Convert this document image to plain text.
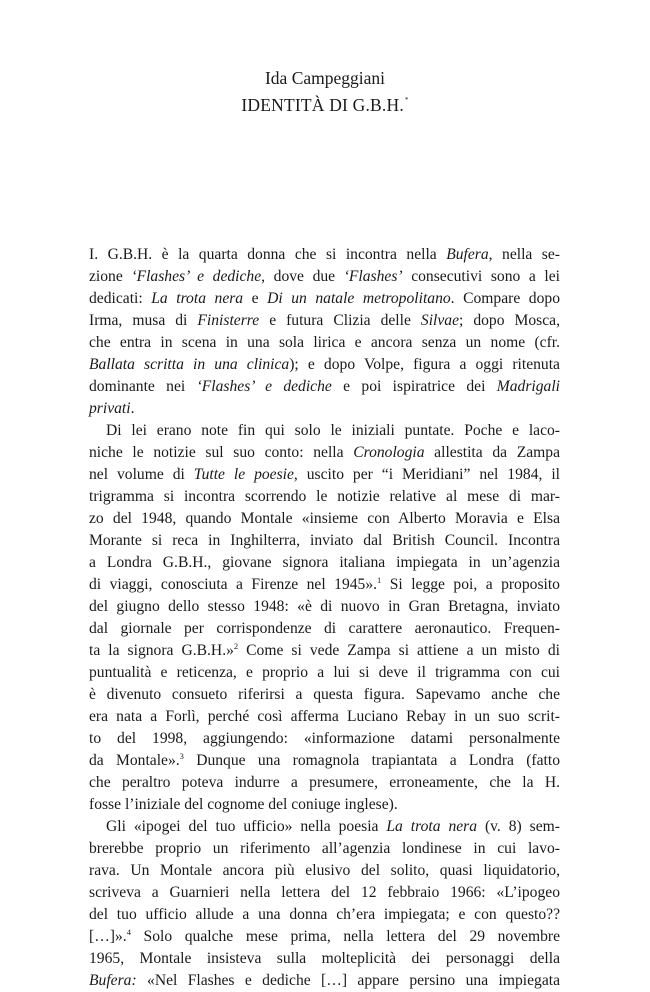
Ida Campeggiani
IDENTITÀ DI G.B.H.*
I. G.B.H. è la quarta donna che si incontra nella Bufera, nella se-
zione ‘Flashes’ e dediche, dove due ‘Flashes’ consecutivi sono a lei
dedicati: La trota nera e Di un natale metropolitano. Compare dopo
Irma, musa di Finisterre e futura Clizia delle Silvae; dopo Mosca,
che entra in scena in una sola lirica e ancora senza un nome (cfr.
Ballata scritta in una clinica); e dopo Volpe, figura a oggi ritenuta
dominante nei ‘Flashes’ e dediche e poi ispiratrice dei Madrigali
privati.
Di lei erano note fin qui solo le iniziali puntate. Poche e laco-
niche le notizie sul suo conto: nella Cronologia allestita da Zampa
nel volume di Tutte le poesie, uscito per “i Meridiani” nel 1984, il
trigramma si incontra scorrendo le notizie relative al mese di mar-
zo del 1948, quando Montale «insieme con Alberto Moravia e Elsa
Morante si reca in Inghilterra, inviato dal British Council. Incontra
a Londra G.B.H., giovane signora italiana impiegata in un’agenzia
di viaggi, conosciuta a Firenze nel 1945».$^1$ Si legge poi, a proposito
del giugno dello stesso 1948: «è di nuovo in Gran Bretagna, inviato
dal giornale per corrispondenze di carattere aeronautico. Frequen-
ta la signora G.B.H.»$^2$ Come si vede Zampa si attiene a un misto di
puntualità e reticenza, e proprio a lui si deve il trigramma con cui
è divenuto consueto riferirsi a questa figura. Sapevamo anche che
era nata a Forlì, perché così afferma Luciano Rebay in un suo scrit-
to del 1998, aggiungendo: «informazione datami personalmente
da Montale».$^3$ Dunque una romagnola trapiantata a Londra (fatto
che peraltro poteva indurre a presumere, erroneamente, che la H.
fosse l’iniziale del cognome del coniuge inglese).
Gli «ipogei del tuo ufficio» nella poesia La trota nera (v. 8) sem-
brerebbe proprio un riferimento all’agenzia londinese in cui lavo-
rava. Un Montale ancora più elusivo del solito, quasi liquidatorio,
scriveva a Guarnieri nella lettera del 12 febbraio 1966: «L’ipogeo
del tuo ufficio allude a una donna ch’era impiegata; e con questo??
[…]».$^4$ Solo qualche mese prima, nella lettera del 29 novembre
1965, Montale insisteva sulla molteplicità dei personaggi della
Bufera: «Nel Flashes e dediche […] appare persino una impiegata
